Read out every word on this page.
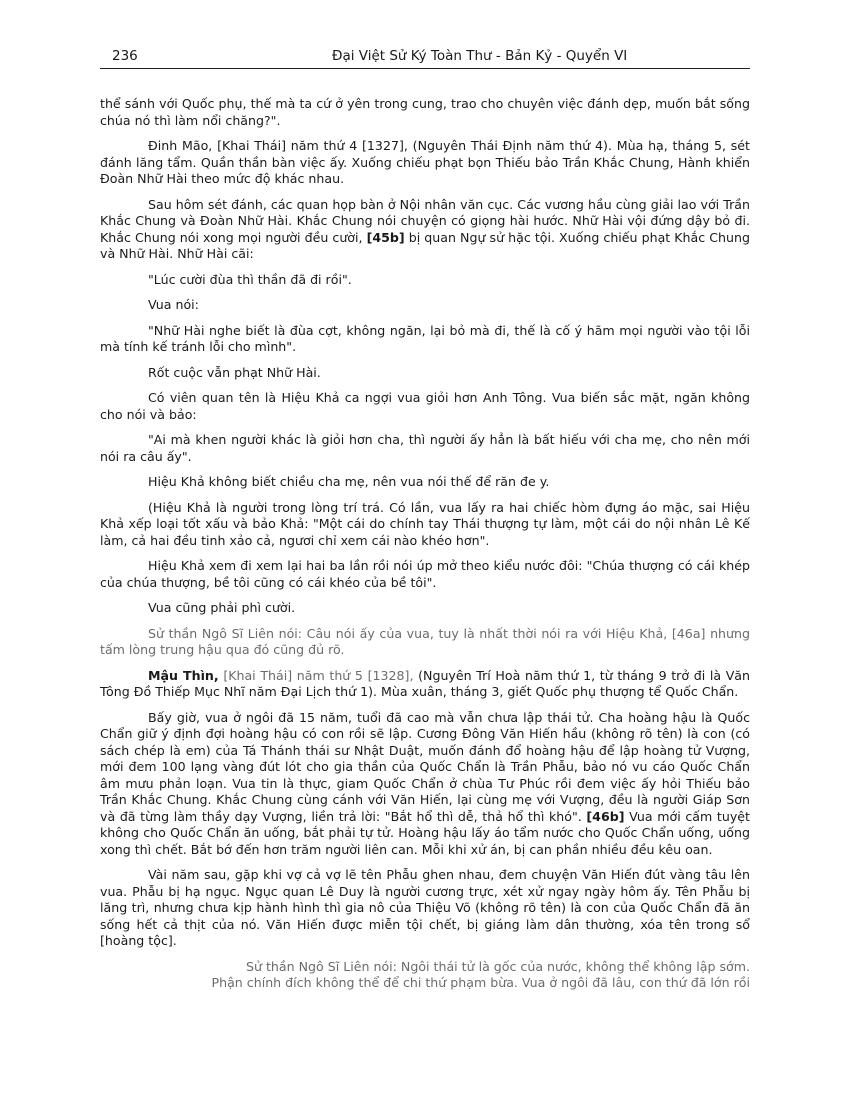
236	Đại Việt Sử Ký Toàn Thư - Bản Kỷ - Quyển VI

thể sánh với Quốc phụ, thế mà ta cứ ở yên trong cung, trao cho chuyên việc đánh dẹp, muốn bắt sống chúa nó thì làm nổi chăng?".

Đinh Mão, [Khai Thái] năm thứ 4 [1327], (Nguyên Thái Định năm thứ 4). Mùa hạ, tháng 5, sét đánh lăng tẩm. Quần thần bàn việc ấy. Xuống chiếu phạt bọn Thiếu bảo Trần Khắc Chung, Hành khiển Đoàn Nhữ Hài theo mức độ khác nhau.

Sau hôm sét đánh, các quan họp bàn ở Nội nhân văn cục. Các vương hầu cùng giải lao với Trần Khắc Chung và Đoàn Nhữ Hài. Khắc Chung nói chuyện có giọng hài hước. Nhữ Hài vội đứng dậy bỏ đi. Khắc Chung nói xong mọi người đều cười, [45b] bị quan Ngự sử hặc tội. Xuống chiếu phạt Khắc Chung và Nhữ Hài. Nhữ Hài cãi:

"Lúc cười đùa thì thần đã đi rồi".

Vua nói:

"Nhữ Hài nghe biết là đùa cợt, không ngăn, lại bỏ mà đi, thế là cố ý hãm mọi người vào tội lỗi mà tính kế tránh lỗi cho mình".

Rốt cuộc vẫn phạt Nhữ Hài.

Có viên quan tên là Hiệu Khả ca ngợi vua giỏi hơn Anh Tông. Vua biến sắc mặt, ngăn không cho nói và bảo:

"Ai mà khen người khác là giỏi hơn cha, thì người ấy hẳn là bất hiếu với cha mẹ, cho nên mới nói ra câu ấy".

Hiệu Khả không biết chiều cha mẹ, nên vua nói thế để răn đe y.

(Hiệu Khả là người trong lòng trí trá. Có lần, vua lấy ra hai chiếc hòm đựng áo mặc, sai Hiệu Khả xếp loại tốt xấu và bảo Khả: "Một cái do chính tay Thái thượng tự làm, một cái do nội nhân Lê Kế làm, cả hai đều tinh xảo cả, ngươi chỉ xem cái nào khéo hơn".

Hiệu Khả xem đi xem lại hai ba lần rồi nói úp mở theo kiểu nước đôi: "Chúa thượng có cái khép của chúa thượng, bề tôi cũng có cái khéo của bề tôi".

Vua cũng phải phì cười.

Sử thần Ngô Sĩ Liên nói: Câu nói ấy của vua, tuy là nhất thời nói ra với Hiệu Khả, [46a] nhưng tấm lòng trung hậu qua đó cũng đủ rõ.

Mậu Thìn, [Khai Thái] năm thứ 5 [1328], (Nguyên Trí Hoà năm thứ 1, từ tháng 9 trở đi là Văn Tông Đồ Thiếp Mục Nhĩ năm Đại Lịch thứ 1). Mùa xuân, tháng 3, giết Quốc phụ thượng tể Quốc Chẩn.

Bấy giờ, vua ở ngôi đã 15 năm, tuổi đã cao mà vẫn chưa lập thái tử. Cha hoàng hậu là Quốc Chẩn giữ ý định đợi hoàng hậu có con rồi sẽ lập. Cương Đông Văn Hiến hầu (không rõ tên) là con (có sách chép là em) của Tá Thánh thái sư Nhật Duật, muốn đánh đổ hoàng hậu để lập hoàng tử Vượng, mới đem 100 lạng vàng đút lót cho gia thần của Quốc Chẩn là Trần Phẫu, bảo nó vu cáo Quốc Chẩn âm mưu phản loạn. Vua tin là thực, giam Quốc Chẩn ở chùa Tư Phúc rồi đem việc ấy hỏi Thiếu bảo Trần Khắc Chung. Khắc Chung cùng cánh với Văn Hiến, lại cùng mẹ với Vượng, đều là người Giáp Sơn và đã từng làm thầy dạy Vượng, liền trả lời: "Bắt hổ thì dễ, thả hổ thì khó". [46b] Vua mới cấm tuyệt không cho Quốc Chẩn ăn uống, bắt phải tự tử. Hoàng hậu lấy áo tẩm nước cho Quốc Chẩn uống, uống xong thì chết. Bắt bớ đến hơn trăm người liên can. Mỗi khi xử án, bị can phần nhiều đều kêu oan.

Vài năm sau, gặp khi vợ cả vợ lẽ tên Phẫu ghen nhau, đem chuyện Văn Hiến đút vàng tâu lên vua. Phẫu bị hạ ngục. Ngục quan Lê Duy là người cương trực, xét xử ngay ngày hôm ấy. Tên Phẫu bị lăng trì, nhưng chưa kịp hành hình thì gia nô của Thiệu Võ (không rõ tên) là con của Quốc Chẩn đã ăn sống hết cả thịt của nó. Văn Hiến được miễn tội chết, bị giáng làm dân thường, xóa tên trong sổ [hoàng tộc].

Sử thần Ngô Sĩ Liên nói: Ngôi thái tử là gốc của nước, không thể không lập sớm.
Phận chính đích không thể để chi thứ phạm bừa. Vua ở ngôi đã lâu, con thứ đã lớn rồi
